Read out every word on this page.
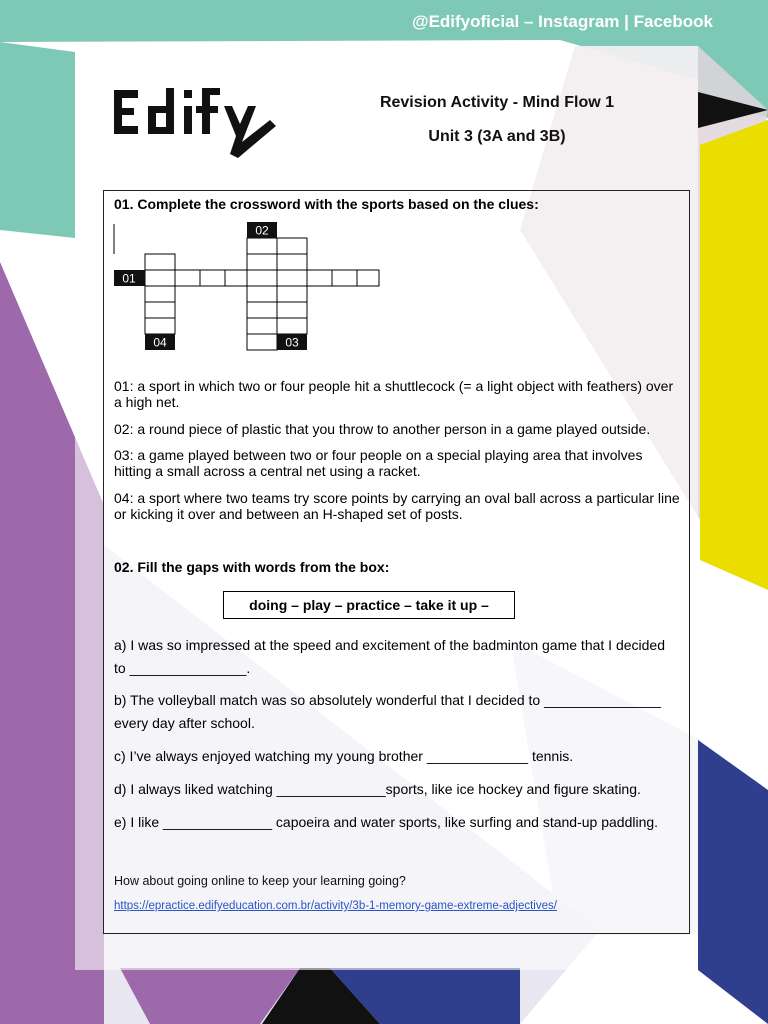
@Edifyoficial – Instagram | Facebook
Revision Activity - Mind Flow 1
Unit 3 (3A and 3B)
01. Complete the crossword with the sports based on the clues:
01
02
03
04
01: a sport in which two or four people hit a shuttlecock (= a light object with feathers) over a high net.
02: a round piece of plastic that you throw to another person in a game played outside.
03: a game played between two or four people on a special playing area that involves hitting a small across a central net using a racket.
04: a sport where two teams try score points by carrying an oval ball across a particular line or kicking it over and between an H-shaped set of posts.
02. Fill the gaps with words from the box:
doing – play – practice – take it up –
a) I was so impressed at the speed and excitement of the badminton game that I decided to _______________.
b) The volleyball match was so absolutely wonderful that I decided to _______________ every day after school.
c) I’ve always enjoyed watching my young brother _____________ tennis.
d) I always liked watching ______________sports, like ice hockey and figure skating.
e) I like ______________ capoeira and water sports, like surfing and stand-up paddling.
How about going online to keep your learning going?
https://epractice.edifyeducation.com.br/activity/3b-1-memory-game-extreme-adjectives/
